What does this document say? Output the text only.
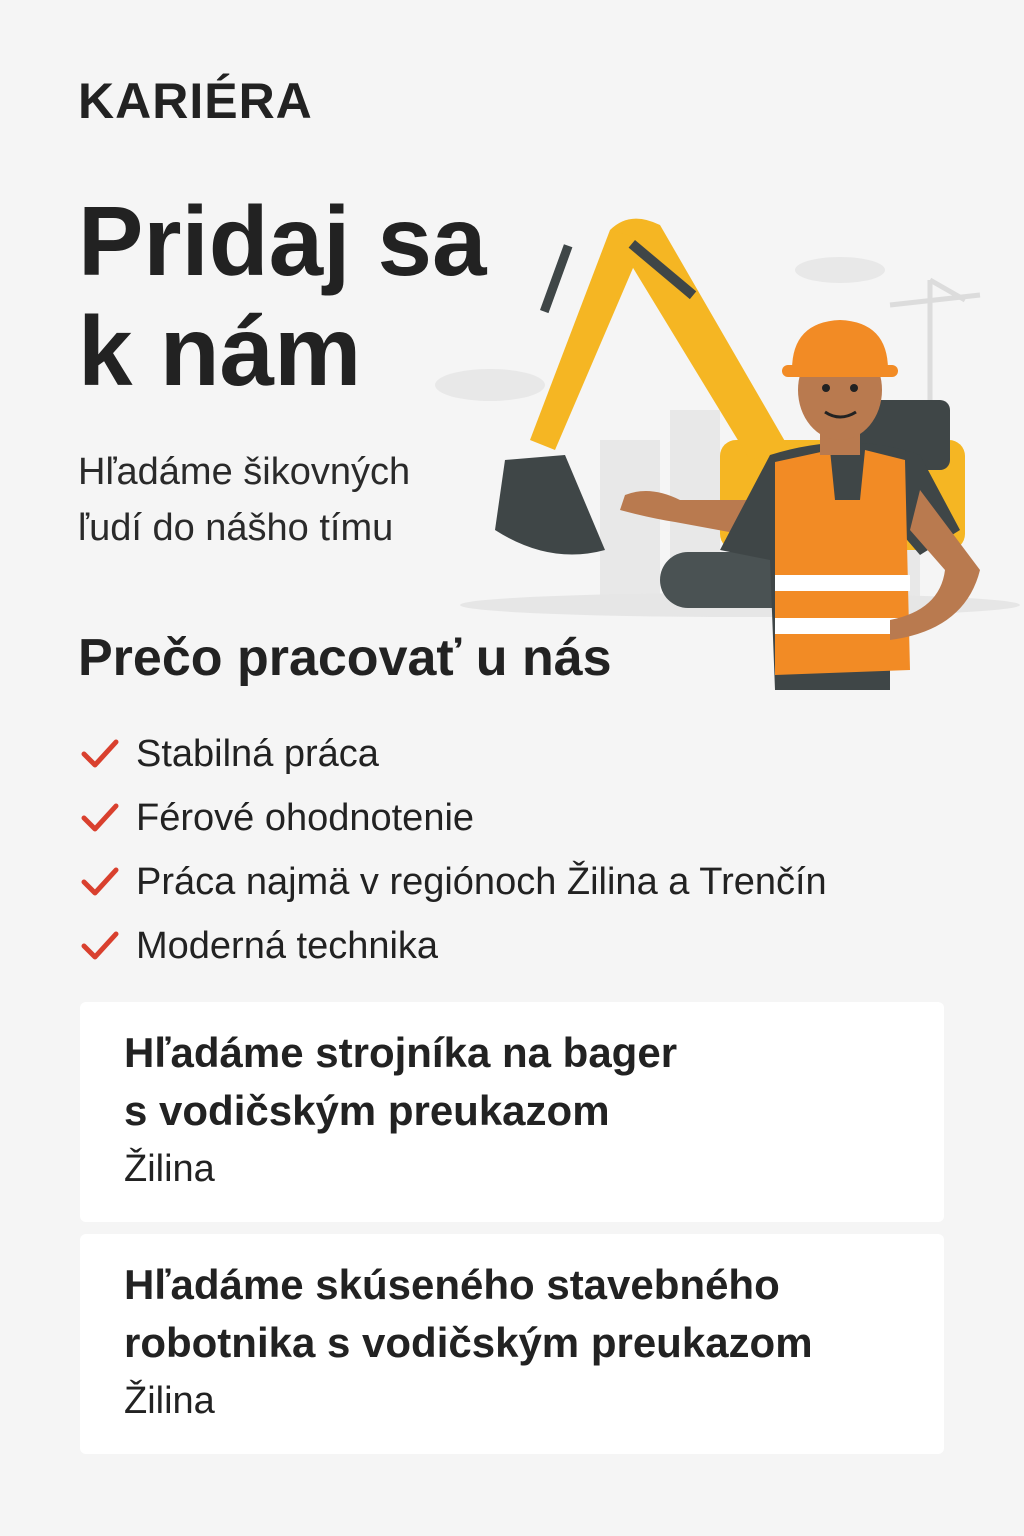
KARIÉRA
Pridaj sa
k nám

Hľadáme šikovných
ľudí do nášho tímu

Prečo pracovať u nás
Stabilná práca
Férové ohodnotenie
Práca najmä v regiónoch Žilina a Trenčín
Moderná technika
Hľadáme strojníka na bager
s vodičským preukazom
Žilina
Hľadáme skúseného stavebného
robotnika s vodičským preukazom
Žilina
